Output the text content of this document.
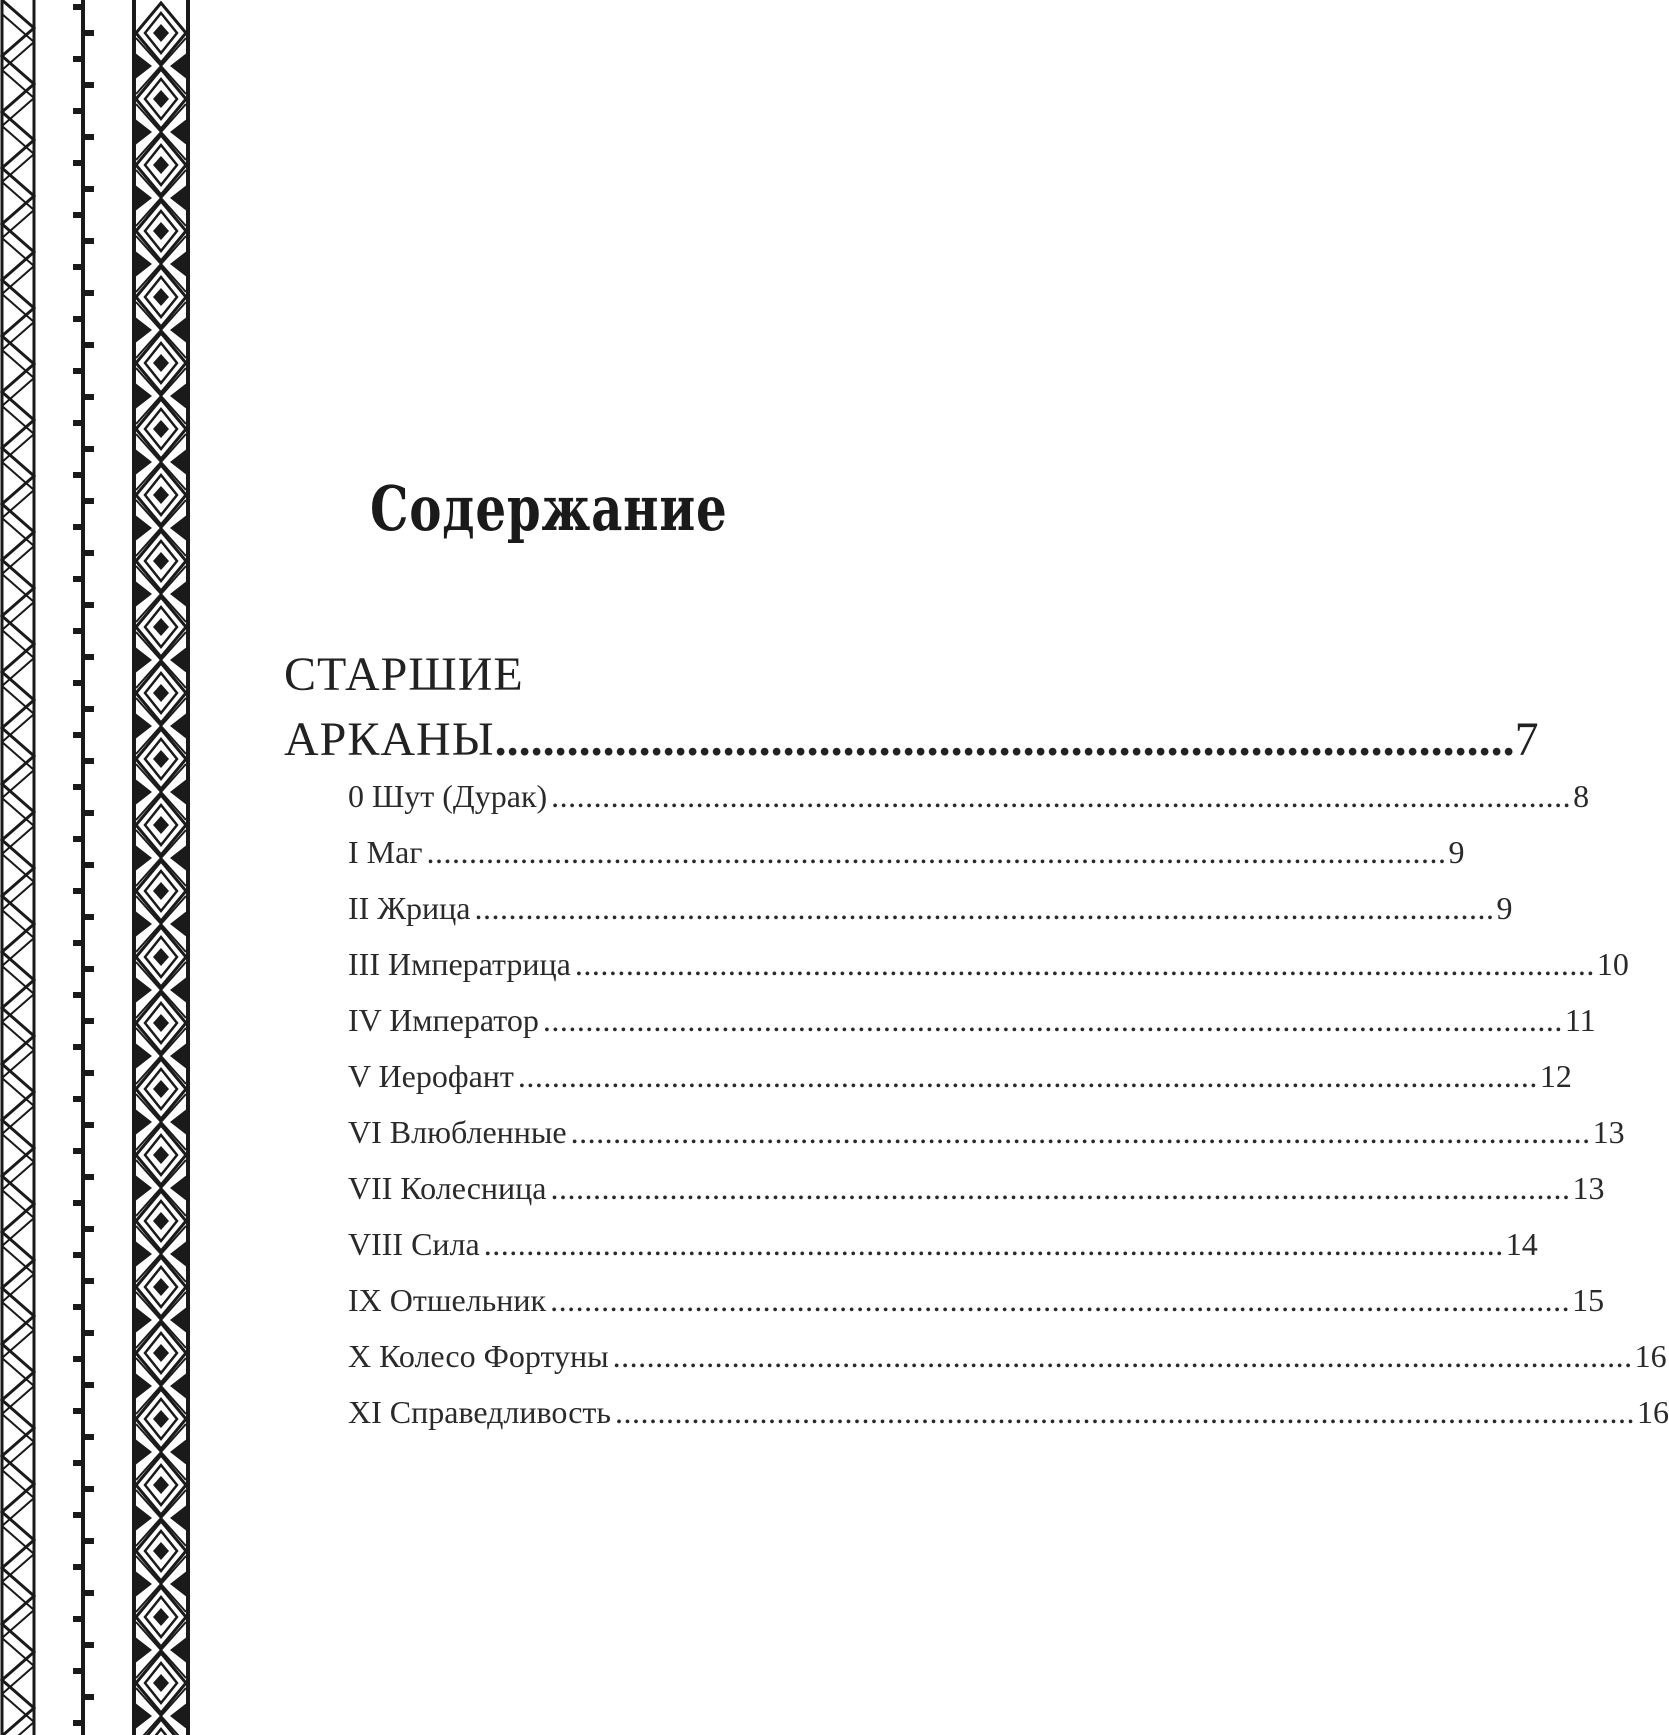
Содержание
СТАРШИЕ
АРКАНЫ ..................................................................................... 7
0 Шут (Дурак) ........................................................................................................................ 8
I Маг ........................................................................................................................ 9
II Жрица ........................................................................................................................ 9
III Императрица ........................................................................................................................ 10
IV Император ........................................................................................................................ 11
V Иерофант ........................................................................................................................ 12
VI Влюбленные ........................................................................................................................ 13
VII Колесница ........................................................................................................................ 13
VIII Сила ........................................................................................................................ 14
IX Отшельник ........................................................................................................................ 15
X Колесо Фортуны ........................................................................................................................ 16
XI Справедливость ........................................................................................................................ 16
